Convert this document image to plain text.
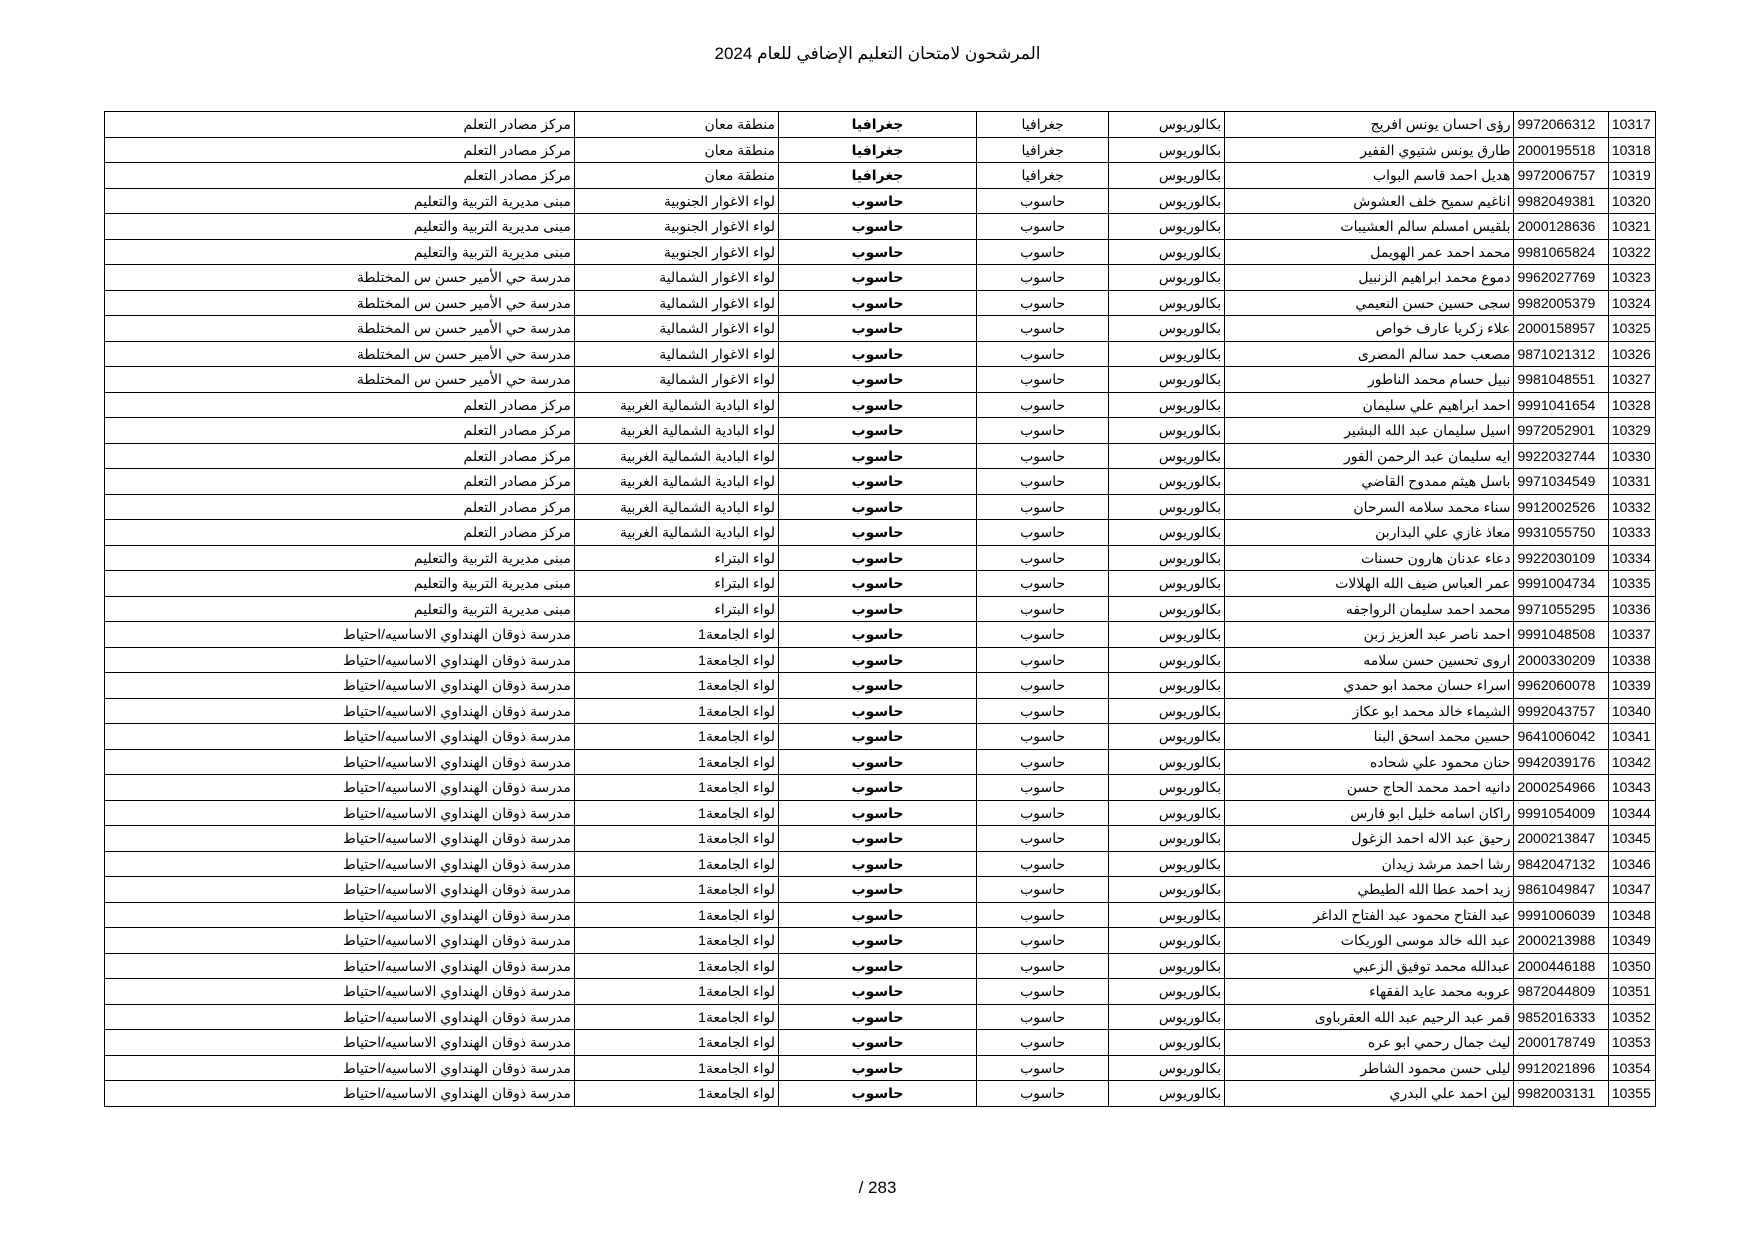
المرشحون لامتحان التعليم الإضافي للعام 2024
10317	9972066312	رؤى احسان يونس افريج	بكالوريوس	جغرافيا	جغرافيا	منطقة معان	مركز مصادر التعلم
10318	2000195518	طارق يونس شتيوي القفير	بكالوريوس	جغرافيا	جغرافيا	منطقة معان	مركز مصادر التعلم
10319	9972006757	هديل احمد قاسم البواب	بكالوريوس	جغرافيا	جغرافيا	منطقة معان	مركز مصادر التعلم
10320	9982049381	اناغيم سميح خلف العشوش	بكالوريوس	حاسوب	حاسوب	لواء الاغوار الجنوبية	مبنى مديرية التربية والتعليم
10321	2000128636	بلقيس امسلم سالم العشيبات	بكالوريوس	حاسوب	حاسوب	لواء الاغوار الجنوبية	مبنى مديرية التربية والتعليم
10322	9981065824	محمد احمد عمر الهويمل	بكالوريوس	حاسوب	حاسوب	لواء الاغوار الجنوبية	مبنى مديرية التربية والتعليم
10323	9962027769	دموع محمد ابراهيم الزنبيل	بكالوريوس	حاسوب	حاسوب	لواء الاغوار الشمالية	مدرسة حي الأمير حسن س المختلطة
10324	9982005379	سجى حسين حسن النعيمي	بكالوريوس	حاسوب	حاسوب	لواء الاغوار الشمالية	مدرسة حي الأمير حسن س المختلطة
10325	2000158957	علاء زكريا عارف خواص	بكالوريوس	حاسوب	حاسوب	لواء الاغوار الشمالية	مدرسة حي الأمير حسن س المختلطة
10326	9871021312	مصعب حمد سالم المصرى	بكالوريوس	حاسوب	حاسوب	لواء الاغوار الشمالية	مدرسة حي الأمير حسن س المختلطة
10327	9981048551	نبيل حسام محمد الناطور	بكالوريوس	حاسوب	حاسوب	لواء الاغوار الشمالية	مدرسة حي الأمير حسن س المختلطة
10328	9991041654	احمد ابراهيم علي سليمان	بكالوريوس	حاسوب	حاسوب	لواء البادية الشمالية الغربية	مركز مصادر التعلم
10329	9972052901	اسيل سليمان عبد الله البشير	بكالوريوس	حاسوب	حاسوب	لواء البادية الشمالية الغربية	مركز مصادر التعلم
10330	9922032744	ايه سليمان عبد الرحمن الفور	بكالوريوس	حاسوب	حاسوب	لواء البادية الشمالية الغربية	مركز مصادر التعلم
10331	9971034549	باسل هيثم ممدوح القاضي	بكالوريوس	حاسوب	حاسوب	لواء البادية الشمالية الغربية	مركز مصادر التعلم
10332	9912002526	سناء محمد سلامه السرحان	بكالوريوس	حاسوب	حاسوب	لواء البادية الشمالية الغربية	مركز مصادر التعلم
10333	9931055750	معاذ غازي علي البداربن	بكالوريوس	حاسوب	حاسوب	لواء البادية الشمالية الغربية	مركز مصادر التعلم
10334	9922030109	دعاء عدنان هارون حسنات	بكالوريوس	حاسوب	حاسوب	لواء البتراء	مبنى مديرية التربية والتعليم
10335	9991004734	عمر العباس ضيف الله الهلالات	بكالوريوس	حاسوب	حاسوب	لواء البتراء	مبنى مديرية التربية والتعليم
10336	9971055295	محمد احمد سليمان الرواجفه	بكالوريوس	حاسوب	حاسوب	لواء البتراء	مبنى مديرية التربية والتعليم
10337	9991048508	احمد ناصر عبد العزيز زبن	بكالوريوس	حاسوب	حاسوب	لواء الجامعة1	مدرسة ذوقان الهنداوي الاساسيه/احتياط
10338	2000330209	اروى تحسين حسن سلامه	بكالوريوس	حاسوب	حاسوب	لواء الجامعة1	مدرسة ذوقان الهنداوي الاساسيه/احتياط
10339	9962060078	اسراء حسان محمد ابو حمدي	بكالوريوس	حاسوب	حاسوب	لواء الجامعة1	مدرسة ذوقان الهنداوي الاساسيه/احتياط
10340	9992043757	الشيماء خالد محمد ابو عكاز	بكالوريوس	حاسوب	حاسوب	لواء الجامعة1	مدرسة ذوقان الهنداوي الاساسيه/احتياط
10341	9641006042	حسين محمد اسحق البنا	بكالوريوس	حاسوب	حاسوب	لواء الجامعة1	مدرسة ذوقان الهنداوي الاساسيه/احتياط
10342	9942039176	حنان محمود علي شحاده	بكالوريوس	حاسوب	حاسوب	لواء الجامعة1	مدرسة ذوقان الهنداوي الاساسيه/احتياط
10343	2000254966	دانيه احمد محمد الحاج حسن	بكالوريوس	حاسوب	حاسوب	لواء الجامعة1	مدرسة ذوقان الهنداوي الاساسيه/احتياط
10344	9991054009	راكان اسامه خليل ابو فارس	بكالوريوس	حاسوب	حاسوب	لواء الجامعة1	مدرسة ذوقان الهنداوي الاساسيه/احتياط
10345	2000213847	رحيق عبد الاله احمد الزغول	بكالوريوس	حاسوب	حاسوب	لواء الجامعة1	مدرسة ذوقان الهنداوي الاساسيه/احتياط
10346	9842047132	رشا احمد مرشد زيدان	بكالوريوس	حاسوب	حاسوب	لواء الجامعة1	مدرسة ذوقان الهنداوي الاساسيه/احتياط
10347	9861049847	زيد احمد عطا الله الطيطي	بكالوريوس	حاسوب	حاسوب	لواء الجامعة1	مدرسة ذوقان الهنداوي الاساسيه/احتياط
10348	9991006039	عبد الفتاح محمود عبد الفتاح الداغر	بكالوريوس	حاسوب	حاسوب	لواء الجامعة1	مدرسة ذوقان الهنداوي الاساسيه/احتياط
10349	2000213988	عبد الله خالد موسى الوريكات	بكالوريوس	حاسوب	حاسوب	لواء الجامعة1	مدرسة ذوقان الهنداوي الاساسيه/احتياط
10350	2000446188	عبدالله محمد توفيق الزعبي	بكالوريوس	حاسوب	حاسوب	لواء الجامعة1	مدرسة ذوقان الهنداوي الاساسيه/احتياط
10351	9872044809	عروبه محمد عايد الفقهاء	بكالوريوس	حاسوب	حاسوب	لواء الجامعة1	مدرسة ذوقان الهنداوي الاساسيه/احتياط
10352	9852016333	قمر عبد الرحيم عبد الله العقرباوى	بكالوريوس	حاسوب	حاسوب	لواء الجامعة1	مدرسة ذوقان الهنداوي الاساسيه/احتياط
10353	2000178749	ليث جمال رحمي ابو عره	بكالوريوس	حاسوب	حاسوب	لواء الجامعة1	مدرسة ذوقان الهنداوي الاساسيه/احتياط
10354	9912021896	ليلى حسن محمود الشاطر	بكالوريوس	حاسوب	حاسوب	لواء الجامعة1	مدرسة ذوقان الهنداوي الاساسيه/احتياط
10355	9982003131	لين احمد علي البدري	بكالوريوس	حاسوب	حاسوب	لواء الجامعة1	مدرسة ذوقان الهنداوي الاساسيه/احتياط
/ 283
